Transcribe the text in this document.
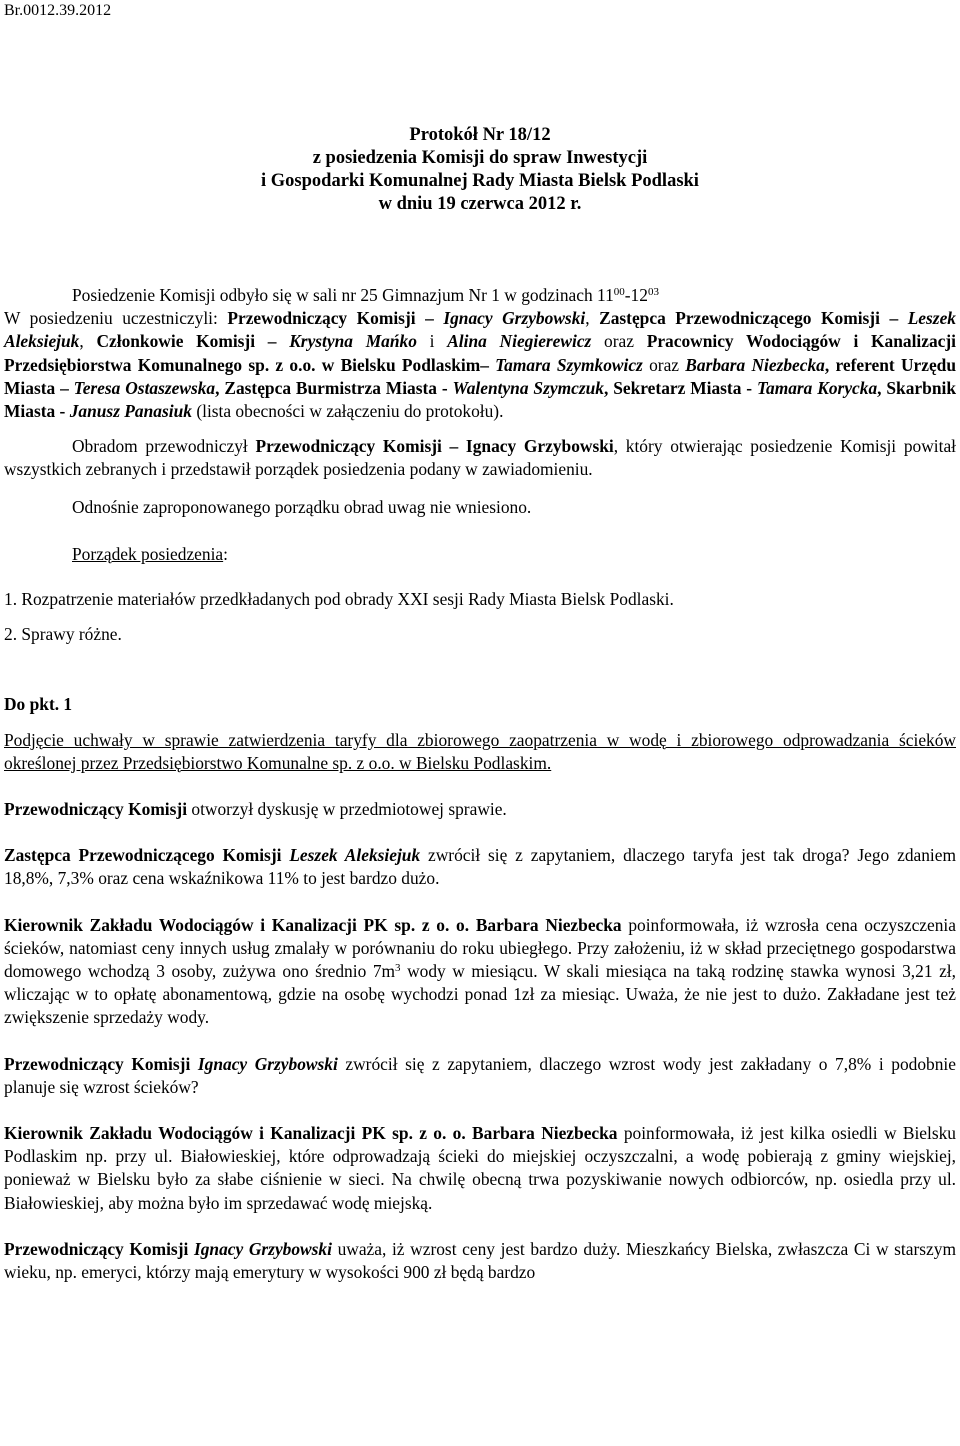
Br.0012.39.2012
Protokół Nr 18/12
z posiedzenia Komisji do spraw Inwestycji
i Gospodarki Komunalnej Rady Miasta Bielsk Podlaski
w dniu 19 czerwca 2012 r.

Posiedzenie Komisji odbyło się w sali nr 25 Gimnazjum Nr 1 w godzinach $11^{00}-12^{03}$

W posiedzeniu uczestniczyli: Przewodniczący Komisji – Ignacy Grzybowski, Zastępca Przewodniczącego Komisji – Leszek Aleksiejuk, Członkowie Komisji – Krystyna Mańko i Alina Niegierewicz oraz Pracownicy Wodociągów i Kanalizacji Przedsiębiorstwa Komunalnego sp. z o.o. w Bielsku Podlaskim– Tamara Szymkowicz oraz Barbara Niezbecka, referent Urzędu Miasta – Teresa Ostaszewska, Zastępca Burmistrza Miasta - Walentyna Szymczuk, Sekretarz Miasta - Tamara Korycka, Skarbnik Miasta - Janusz Panasiuk (lista obecności w załączeniu do protokołu).

Obradom przewodniczył Przewodniczący Komisji – Ignacy Grzybowski, który otwierając posiedzenie Komisji powitał wszystkich zebranych i przedstawił porządek posiedzenia podany w zawiadomieniu.

Odnośnie zaproponowanego porządku obrad uwag nie wniesiono.

Porządek posiedzenia:

1. Rozpatrzenie materiałów przedkładanych pod obrady XXI sesji Rady Miasta Bielsk Podlaski.

2. Sprawy różne.

Do pkt. 1

Podjęcie uchwały w sprawie zatwierdzenia taryfy dla zbiorowego zaopatrzenia w wodę i zbiorowego odprowadzania ścieków określonej przez Przedsiębiorstwo Komunalne sp. z o.o. w Bielsku Podlaskim.

Przewodniczący Komisji otworzył dyskusję w przedmiotowej sprawie.

Zastępca Przewodniczącego Komisji Leszek Aleksiejuk zwrócił się z zapytaniem, dlaczego taryfa jest tak droga? Jego zdaniem 18,8%, 7,3% oraz cena wskaźnikowa 11% to jest bardzo dużo.

Kierownik Zakładu Wodociągów i Kanalizacji PK sp. z o. o. Barbara Niezbecka poinformowała, iż wzrosła cena oczyszczenia ścieków, natomiast ceny innych usług zmalały w porównaniu do roku ubiegłego. Przy założeniu, iż w skład przeciętnego gospodarstwa domowego wchodzą 3 osoby, zużywa ono średnio $7m^3$ wody w miesiącu. W skali miesiąca na taką rodzinę stawka wynosi 3,21 zł, wliczając w to opłatę abonamentową, gdzie na osobę wychodzi ponad 1zł za miesiąc. Uważa, że nie jest to dużo. Zakładane jest też zwiększenie sprzedaży wody.

Przewodniczący Komisji Ignacy Grzybowski zwrócił się z zapytaniem, dlaczego wzrost wody jest zakładany o 7,8% i podobnie planuje się wzrost ścieków?

Kierownik Zakładu Wodociągów i Kanalizacji PK sp. z o. o. Barbara Niezbecka poinformowała, iż jest kilka osiedli w Bielsku Podlaskim np. przy ul. Białowieskiej, które odprowadzają ścieki do miejskiej oczyszczalni, a wodę pobierają z gminy wiejskiej, ponieważ w Bielsku było za słabe ciśnienie w sieci. Na chwilę obecną trwa pozyskiwanie nowych odbiorców, np. osiedla przy ul. Białowieskiej, aby można było im sprzedawać wodę miejską.

Przewodniczący Komisji Ignacy Grzybowski uważa, iż wzrost ceny jest bardzo duży. Mieszkańcy Bielska, zwłaszcza Ci w starszym wieku, np. emeryci, którzy mają emerytury w wysokości 900 zł będą bardzo
